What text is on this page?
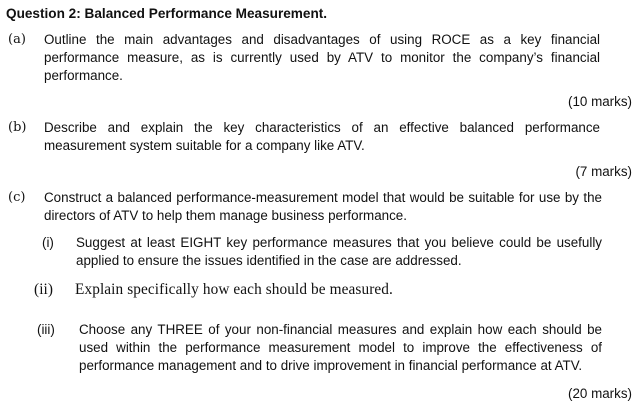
Question 2: Balanced Performance Measurement.
(a) Outline the main advantages and disadvantages of using ROCE as a key financial performance measure, as is currently used by ATV to monitor the company’s financial performance.
(10 marks)
(b) Describe and explain the key characteristics of an effective balanced performance measurement system suitable for a company like ATV.
(7 marks)
(c) Construct a balanced performance-measurement model that would be suitable for use by the directors of ATV to help them manage business performance.
(i) Suggest at least EIGHT key performance measures that you believe could be usefully applied to ensure the issues identified in the case are addressed.
(ii) Explain specifically how each should be measured.
(iii) Choose any THREE of your non-financial measures and explain how each should be used within the performance measurement model to improve the effectiveness of performance management and to drive improvement in financial performance at ATV.
(20 marks)
